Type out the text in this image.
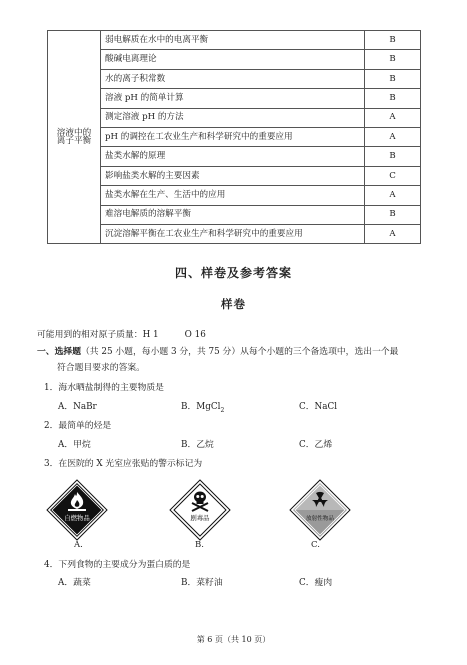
溶液中的
离子平衡	弱电解质在水中的电离平衡	B
	酸碱电离理论	B
	水的离子积常数	B
	溶液 pH 的简单计算	B
	测定溶液 pH 的方法	A
	pH 的调控在工农业生产和科学研究中的重要应用	A
	盐类水解的原理	B
	影响盐类水解的主要因素	C
	盐类水解在生产、生活中的应用	A
	难溶电解质的溶解平衡	B
	沉淀溶解平衡在工农业生产和科学研究中的重要应用	A
四、样卷及参考答案
样卷
可能用到的相对原子质量：H 1	O 16
一、选择题（共 25 小题，每小题 3 分，共 75 分）从每个小题的三个备选项中，选出一个最
符合题目要求的答案。
1．海水晒盐制得的主要物质是
A．NaBr	B．MgCl$_2$	C．NaCl
2．最简单的烃是
A．甲烷	B．乙烷	C．乙烯
3．在医院的 X 光室应张贴的警示标记为
自燃物品
A.
剧毒品
B.
放射性物品
C.
4．下列食物的主要成分为蛋白质的是
A．蔬菜	B．菜籽油	C．瘦肉
第 6 页（共 10 页）
